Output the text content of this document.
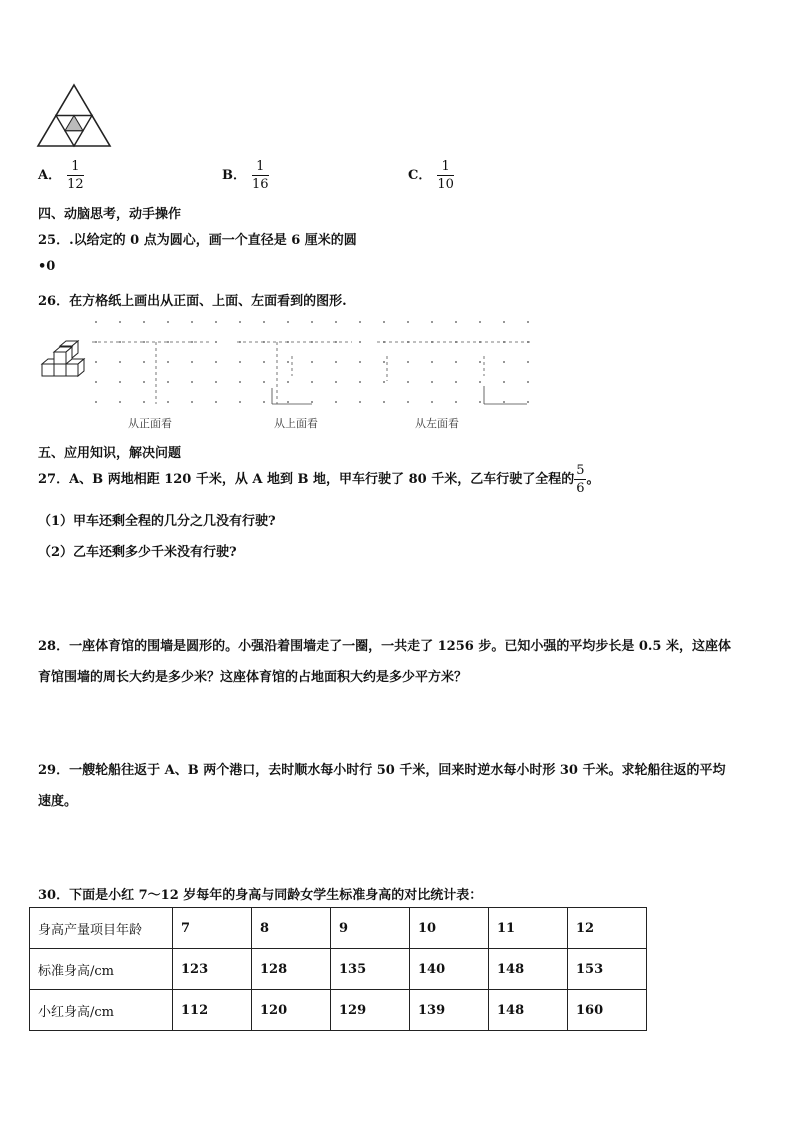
A． $\frac{1}{12}$	B． $\frac{1}{16}$	C． $\frac{1}{10}$
四、动脑思考，动手操作
25．.以给定的 0 点为圆心，画一个直径是 6 厘米的圆
•0
26．在方格纸上画出从正面、上面、左面看到的图形.
从正面看	从上面看	从左面看
五、应用知识，解决问题
27．A、B 两地相距 120 千米，从 A 地到 B 地，甲车行驶了 80 千米，乙车行驶了全程的 $\frac{5}{6}$ 。
（1）甲车还剩全程的几分之几没有行驶?
（2）乙车还剩多少千米没有行驶?
28．一座体育馆的围墙是圆形的。小强沿着围墙走了一圈，一共走了 1256 步。已知小强的平均步长是 0.5 米，这座体
育馆围墙的周长大约是多少米？这座体育馆的占地面积大约是多少平方米？
29．一艘轮船往返于 A、B 两个港口，去时顺水每小时行 50 千米，回来时逆水每小时形 30 千米。求轮船往返的平均
速度。
30．下面是小红 7～12 岁每年的身高与同龄女学生标准身高的对比统计表：
身高产量项目年龄	7	8	9	10	11	12
标准身高/cm	123	128	135	140	148	153
小红身高/cm	112	120	129	139	148	160
